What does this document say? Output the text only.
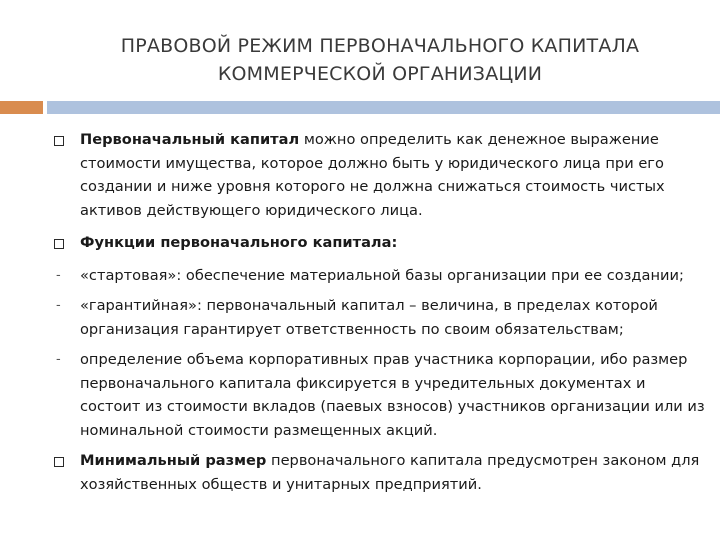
ПРАВОВОЙ РЕЖИМ ПЕРВОНАЧАЛЬНОГО КАПИТАЛА
КОММЕРЧЕСКОЙ ОРГАНИЗАЦИИ
Первоначальный капитал можно определить как денежное выражение стоимости имущества, которое должно быть у юридического лица при его создании и ниже уровня которого не должна снижаться стоимость чистых активов действующего юридического лица.
Функции первоначального капитала:
- «стартовая»: обеспечение материальной базы организации при ее создании;
- «гарантийная»: первоначальный капитал – величина, в пределах которой организация гарантирует ответственность по своим обязательствам;
- определение объема корпоративных прав участника корпорации, ибо размер первоначального капитала фиксируется в учредительных документах и состоит из стоимости вкладов (паевых взносов) участников организации или из номинальной стоимости размещенных акций.
Минимальный размер первоначального капитала предусмотрен законом для хозяйственных обществ и унитарных предприятий.
